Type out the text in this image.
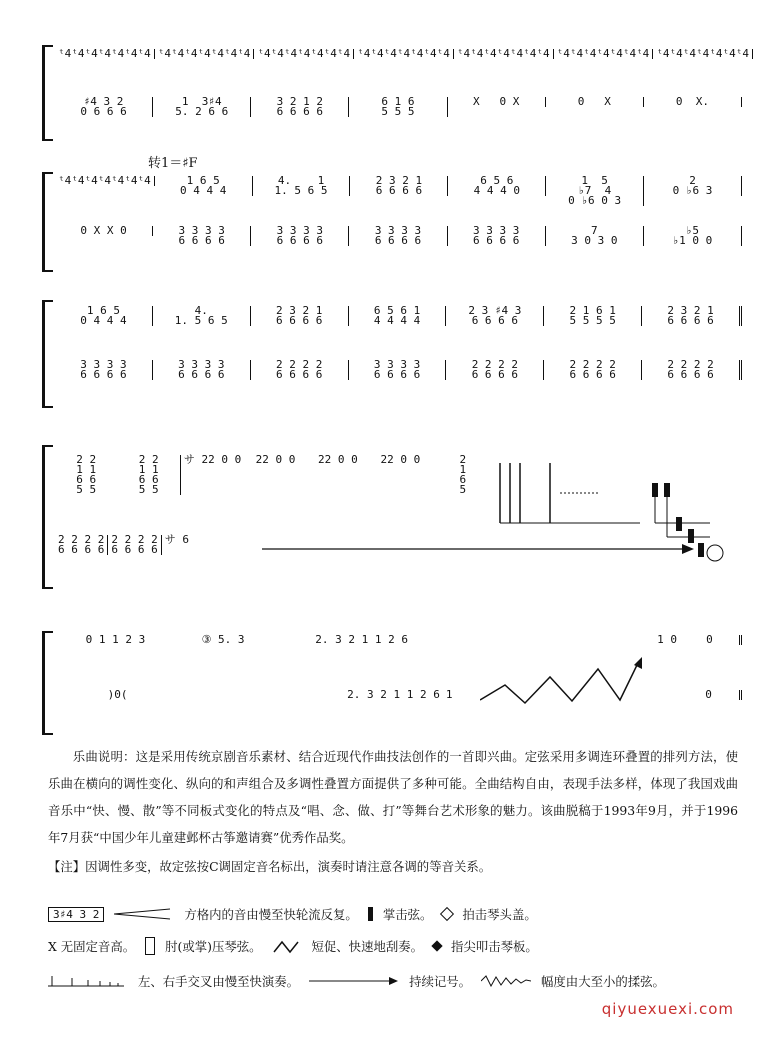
ᵗ4ᵗ4ᵗ4ᵗ4ᵗ4ᵗ4ᵗ4 ᵗ4ᵗ4ᵗ4ᵗ4ᵗ4ᵗ4ᵗ4 ᵗ4ᵗ4ᵗ4ᵗ4ᵗ4ᵗ4ᵗ4 ᵗ4ᵗ4ᵗ4ᵗ4ᵗ4ᵗ4ᵗ4 ᵗ4ᵗ4ᵗ4ᵗ4ᵗ4ᵗ4ᵗ4 ᵗ4ᵗ4ᵗ4ᵗ4ᵗ4ᵗ4ᵗ4 ᵗ4ᵗ4ᵗ4ᵗ4ᵗ4ᵗ4ᵗ4
♯4 3 2
0 6 6 6
1  3♯4
5. 2 6 6
3 2 1 2
6 6 6 6
6 1 6
5 5 5
X   0 X	0   X	0  X.
转1＝♯F
ᵗ4ᵗ4ᵗ4ᵗ4ᵗ4ᵗ4ᵗ4	1 6 5
0 4 4 4
4.    1
1. 5 6 5
2 3 2 1
6 6 6 6
6 5 6
4 4 4 0
1  5
♭7  4
0 ♭6 0 3
2
0 ♭6 3
0 X X 0	3 3 3 3
6 6 6 6
3 3 3 3
6 6 6 6
3 3 3 3
6 6 6 6
3 3 3 3
6 6 6 6
7
3 0 3 0
♭5
♭1 0 0
1 6 5
0 4 4 4
4.
1. 5 6 5
2 3 2 1
6 6 6 6
6 5 6 1
4 4 4 4
2 3 ♯4 3
6 6 6 6
2 1 6 1
5 5 5 5
2 3 2 1
6 6 6 6
3 3 3 3
6 6 6 6
3 3 3 3
6 6 6 6
2 2 2 2
6 6 6 6
3 3 3 3
6 6 6 6
2 2 2 2
6 6 6 6
2 2 2 2
6 6 6 6
2 2 2 2
6 6 6 6
2 2
1 1
6 6
5 5
2 2
1 1
6 6
5 5
サ 22 0 0 22 0 0 22 0 0 22 0 0	2
1
6
5
2 2 2 2
6 6 6 6
2 2 2 2
6 6 6 6
サ 6
0 1 1 2 3	③ 5. 3	2. 3 2 1 1 2 6	1 0	0
)0(	2. 3 2 1 1 2 6 1	0

乐曲说明：这是采用传统京剧音乐素材、结合近现代作曲技法创作的一首即兴曲。定弦采用多调连环叠置的排列方法，使乐曲在横向的调性变化、纵向的和声组合及多调性叠置方面提供了多种可能。全曲结构自由，表现手法多样，体现了我国戏曲音乐中“快、慢、散”等不同板式变化的特点及“唱、念、做、打”等舞台艺术形象的魅力。该曲脱稿于1993年9月，并于1996年7月获“中国少年儿童建邺杯古筝邀请赛”优秀作品奖。

【注】因调性多变，故定弦按C调固定音名标出，演奏时请注意各调的等音关系。

3♯4 3 2	方格内的音由慢至快轮流反复。 掌击弦。 拍击琴头盖。
X 无固定音高。 肘(或掌)压琴弦。	短促、快速地刮奏。 指尖叩击琴板。
左、右手交叉由慢至快演奏。	持续记号。	幅度由大至小的揉弦。
qiyuexuexi.com
